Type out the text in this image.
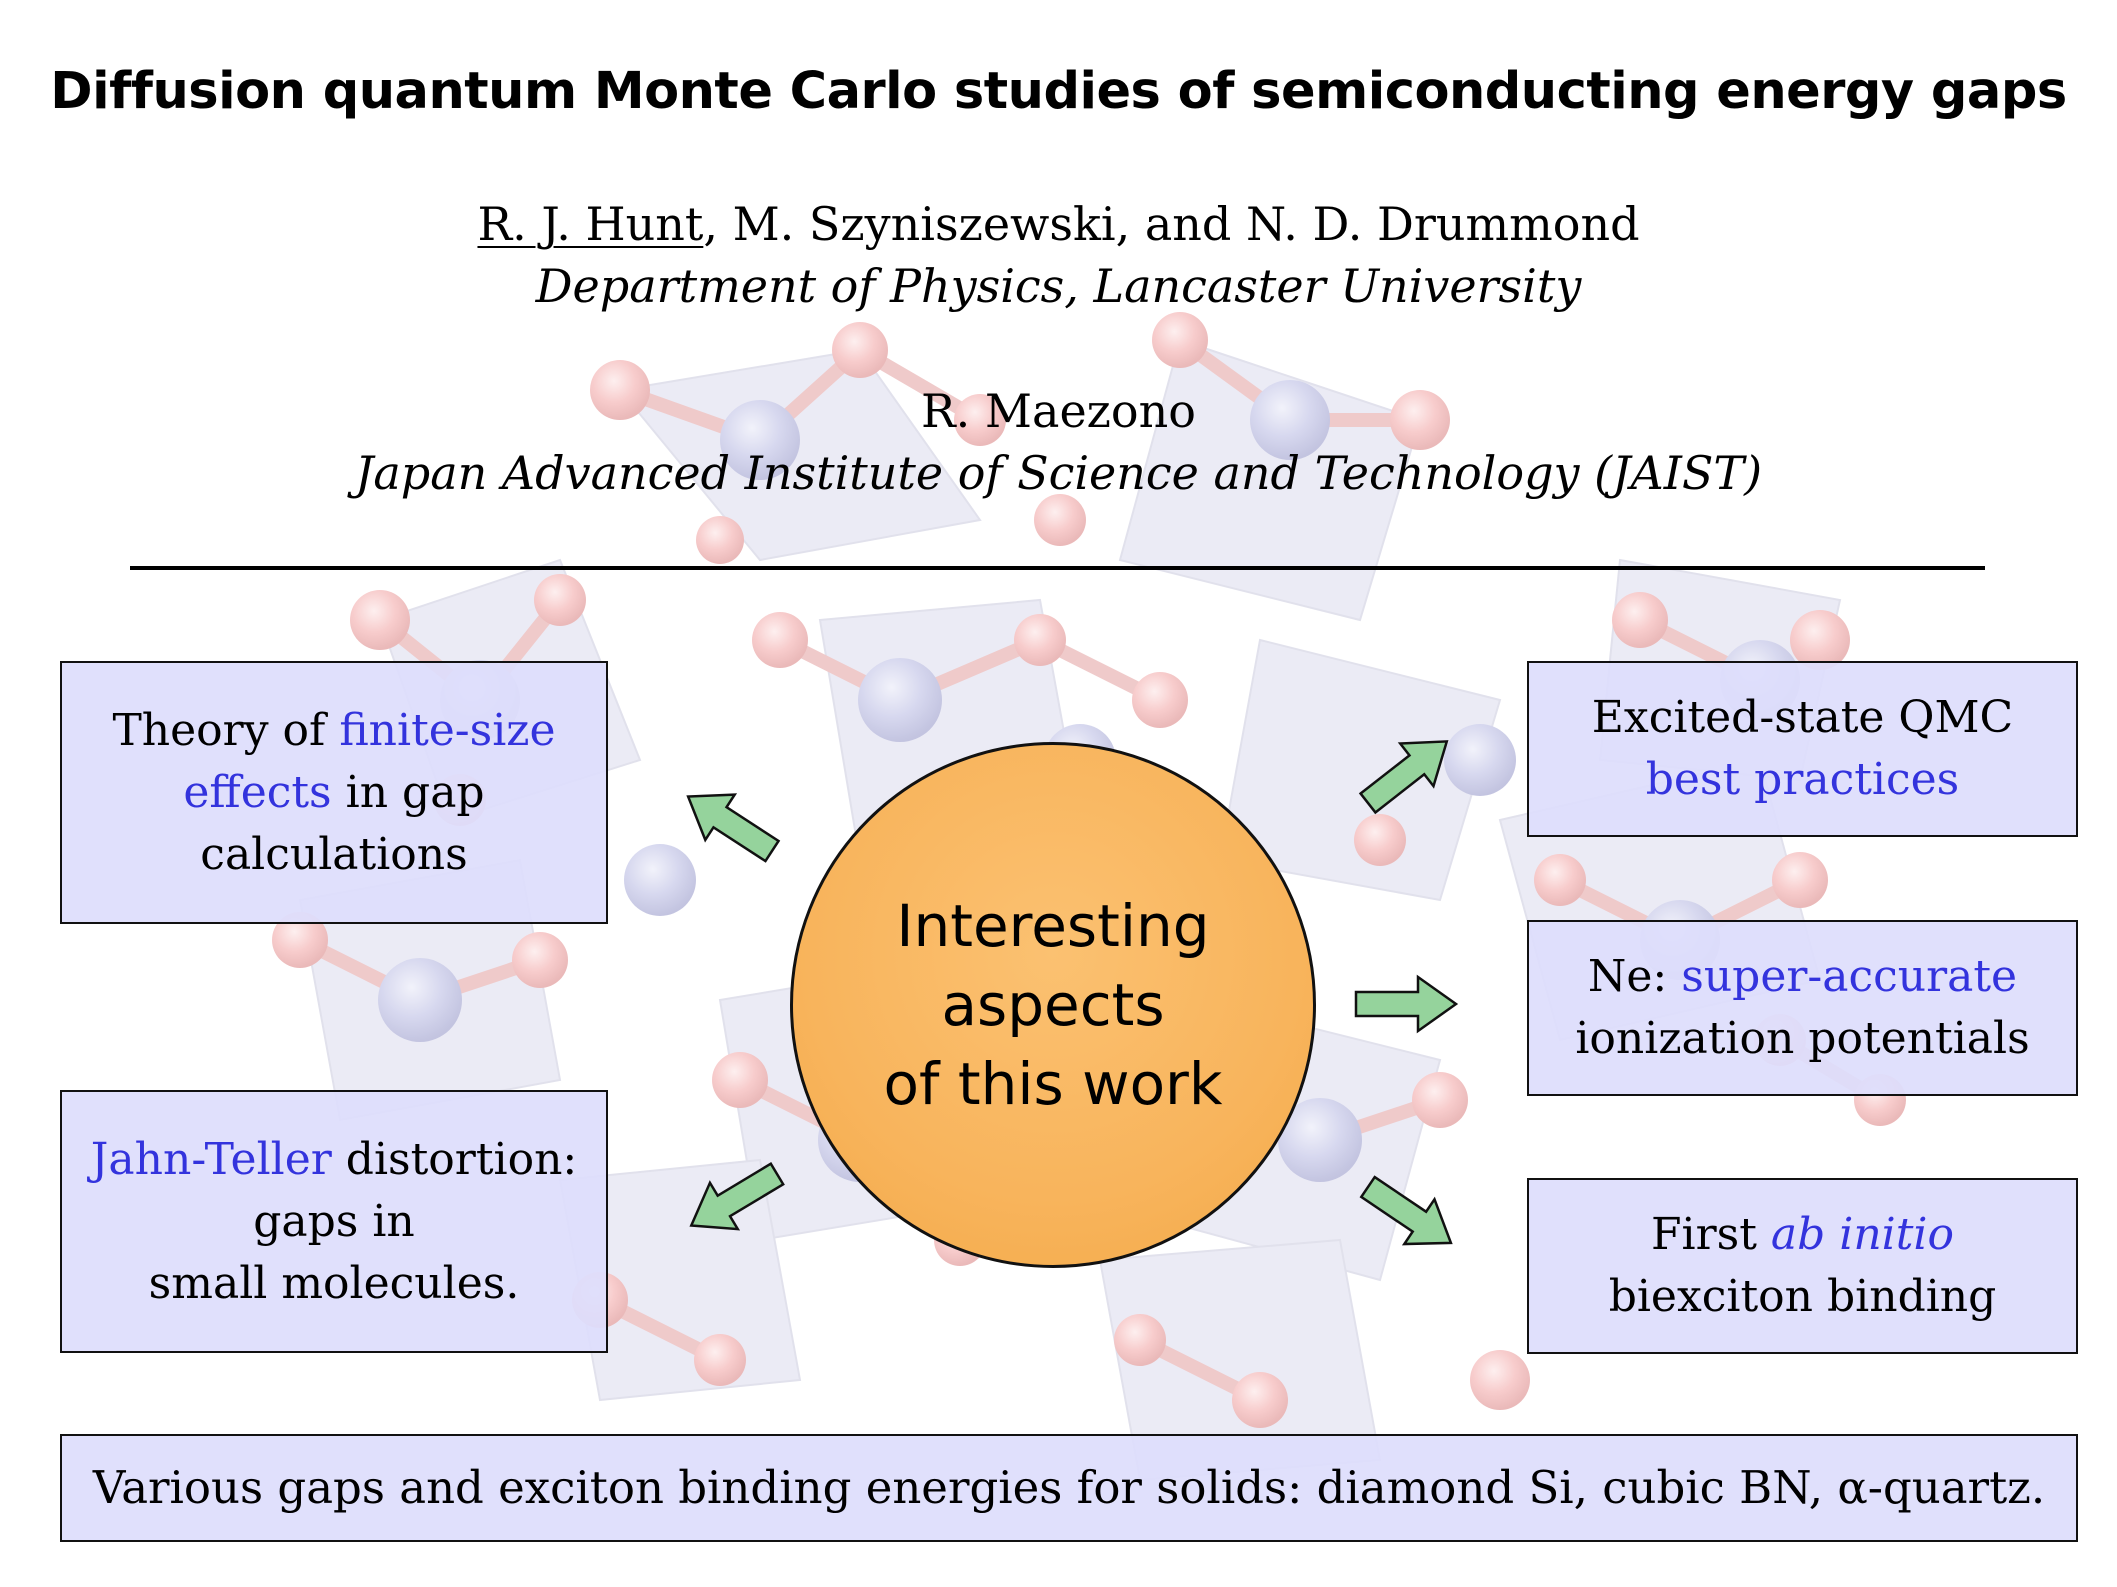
Diffusion quantum Monte Carlo studies of semiconducting energy gaps
R. J. Hunt, M. Szyniszewski, and N. D. Drummond
Department of Physics, Lancaster University
R. Maezono
Japan Advanced Institute of Science and Technology (JAIST)
Theory of finite-size
effects in gap
calculations
Jahn-Teller distortion:
gaps in
small molecules.
Excited-state QMC
best practices
Ne: super-accurate
ionization potentials
First ab initio
biexciton binding
Various gaps and exciton binding energies for solids: diamond Si, cubic BN, α-quartz.
Interesting
aspects
of this work
